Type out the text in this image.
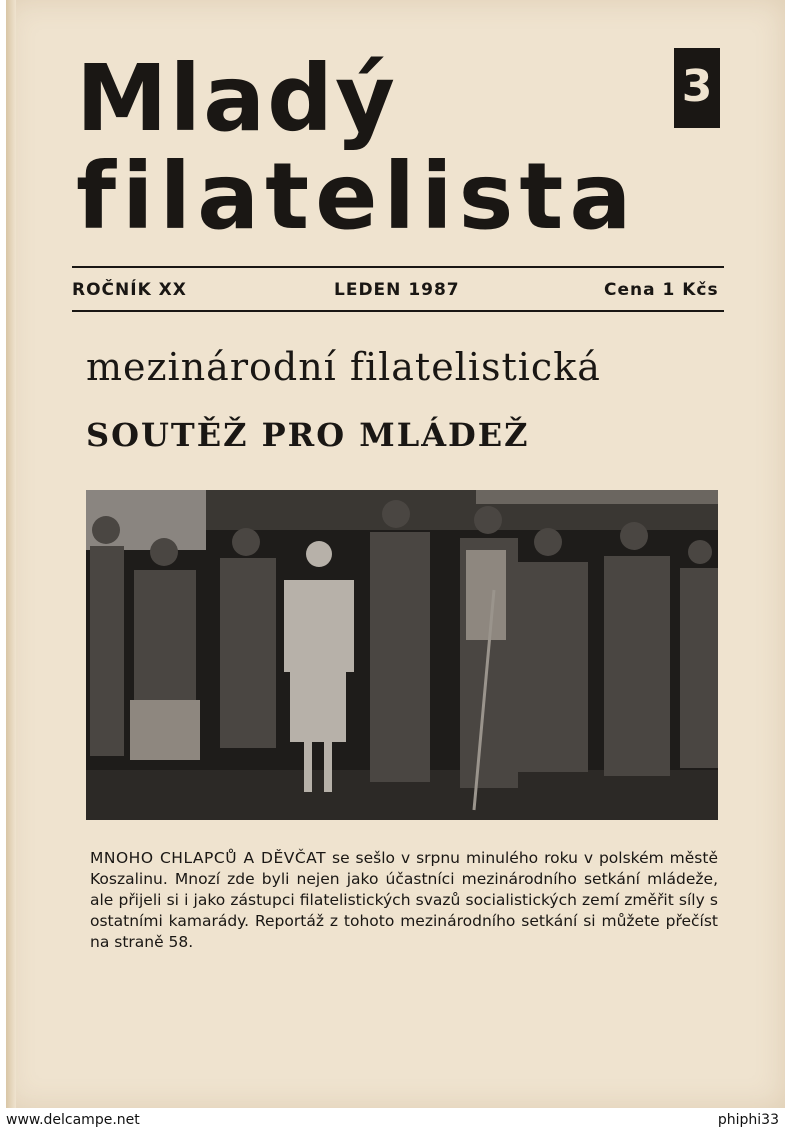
Mladý
filatelista
3
ROČNÍK XX	LEDEN 1987	Cena 1 Kčs
mezinárodní filatelistická
SOUTĚŽ PRO MLÁDEŽ
MNOHO CHLAPCŮ A DĚVČAT se sešlo v srpnu minulého roku v polském městě Koszalinu. Mnozí zde byli nejen jako účastníci mezinárodního setkání mládeže, ale přijeli si i jako zástupci filatelistických svazů socialistických zemí změřit síly s ostatními kamarády. Reportáž z tohoto mezinárodního setkání si můžete přečíst na straně 58.
www.delcampe.net	phiphi33
